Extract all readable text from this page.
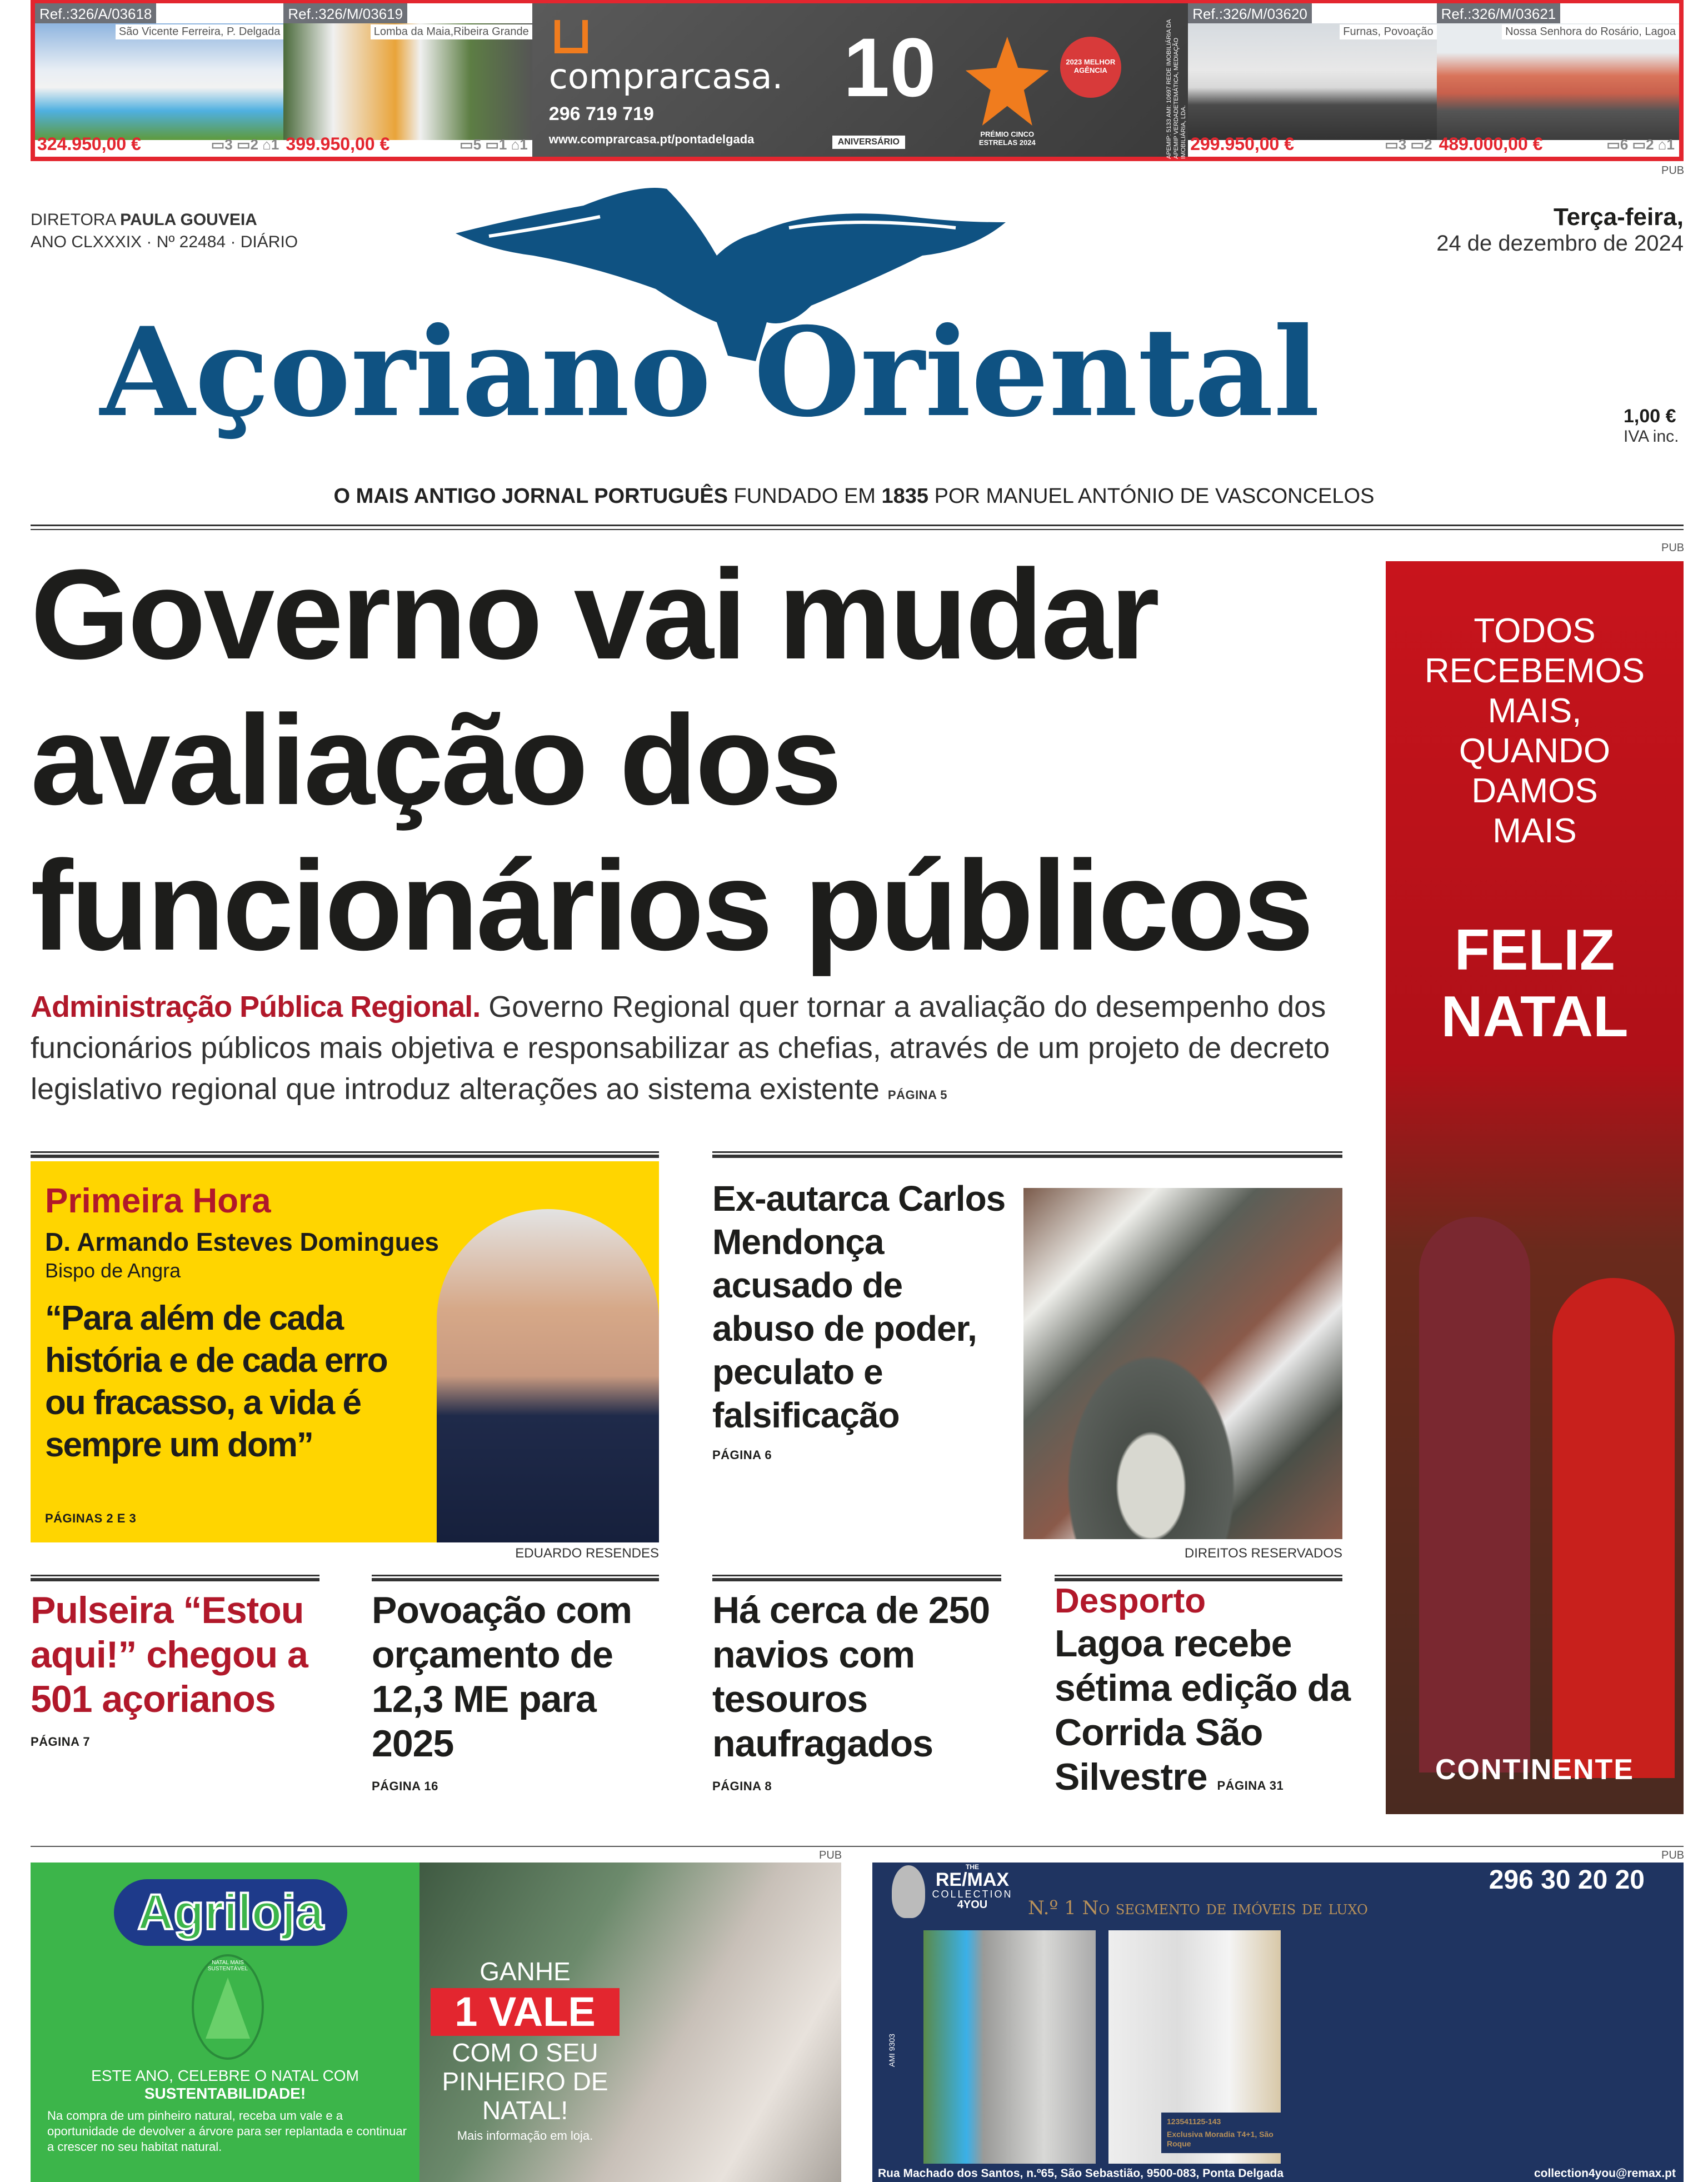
Ref.:326/A/03618
São Vicente Ferreira, P. Delgada
324.950,00 €	▭3 ▭2 ⌂1
Ref.:326/M/03619
Lomba da Maia,Ribeira Grande
399.950,00 €	▭5 ▭1 ⌂1
comprarcasa.
296 719 719
www.comprarcasa.pt/pontadelgada
10
ANIVERSÁRIO
PRÉMIO CINCO ESTRELAS 2024
2023 MELHOR AGÊNCIA	APEMIP: 5133 AMI: 10697 REDE IMOBILIÁRIA DA APEMIP VERDADETEMÁTICA, MEDIAÇÃO IMOBILIÁRIA, LDA.
Ref.:326/M/03620
Furnas, Povoação
299.950,00 €	▭3 ▭2
Ref.:326/M/03621
Nossa Senhora do Rosário, Lagoa
489.000,00 €	▭6 ▭2 ⌂1
PUB
DIRETORA PAULA GOUVEIA
ANO CLXXXIX · Nº 22484 · DIÁRIO
Terça-feira,
24 de dezembro de 2024
Açoriano Oriental	1,00 €
IVA inc.
O MAIS ANTIGO JORNAL PORTUGUÊS FUNDADO EM 1835 POR MANUEL ANTÓNIO DE VASCONCELOS
PUB
Governo vai mudar
avaliação dos
funcionários públicos
Administração Pública Regional. Governo Regional quer tornar a avaliação do desempenho dos funcionários públicos mais objetiva e responsabilizar as chefias, através de um projeto de decreto legislativo regional que introduz alterações ao sistema existente PÁGINA 5
TODOS
RECEBEMOS
MAIS,
QUANDO
DAMOS
MAIS
FELIZ NATAL
CONTINENTE
Primeira Hora
D. Armando Esteves Domingues
Bispo de Angra
“Para além de cada história e de cada erro ou fracasso, a vida é sempre um dom”
PÁGINAS 2 E 3
EDUARDO RESENDES
Ex-autarca Carlos Mendonça acusado de abuso de poder, peculato e falsificação
PÁGINA 6
DIREITOS RESERVADOS
Pulseira “Estou aqui!” chegou a 501 açorianos
PÁGINA 7
Povoação com orçamento de 12,3 ME para 2025
PÁGINA 16
Há cerca de 250 navios com tesouros naufragados
PÁGINA 8
Desporto
Lagoa recebe sétima edição da Corrida São Silvestre PÁGINA 31
PUB	PUB
Agriloja
NATAL MAIS SUSTENTÁVEL
ESTE ANO, CELEBRE O NATAL COM SUSTENTABILIDADE!
Na compra de um pinheiro natural, receba um vale e a oportunidade de devolver a árvore para ser replantada e continuar a crescer no seu habitat natural.
GANHE
1 VALE
COM O SEU PINHEIRO DE NATAL!
Mais informação em loja.
THE
RE/MAX
COLLECTION
4YOU
296 30 20 20
N.º 1 No segmento de imóveis de luxo
AMI 9303
123541125-143
Exclusiva Moradia T4+1, São Roque
Rua Machado dos Santos, n.º65, São Sebastião, 9500-083, Ponta Delgada	collection4you@remax.pt
